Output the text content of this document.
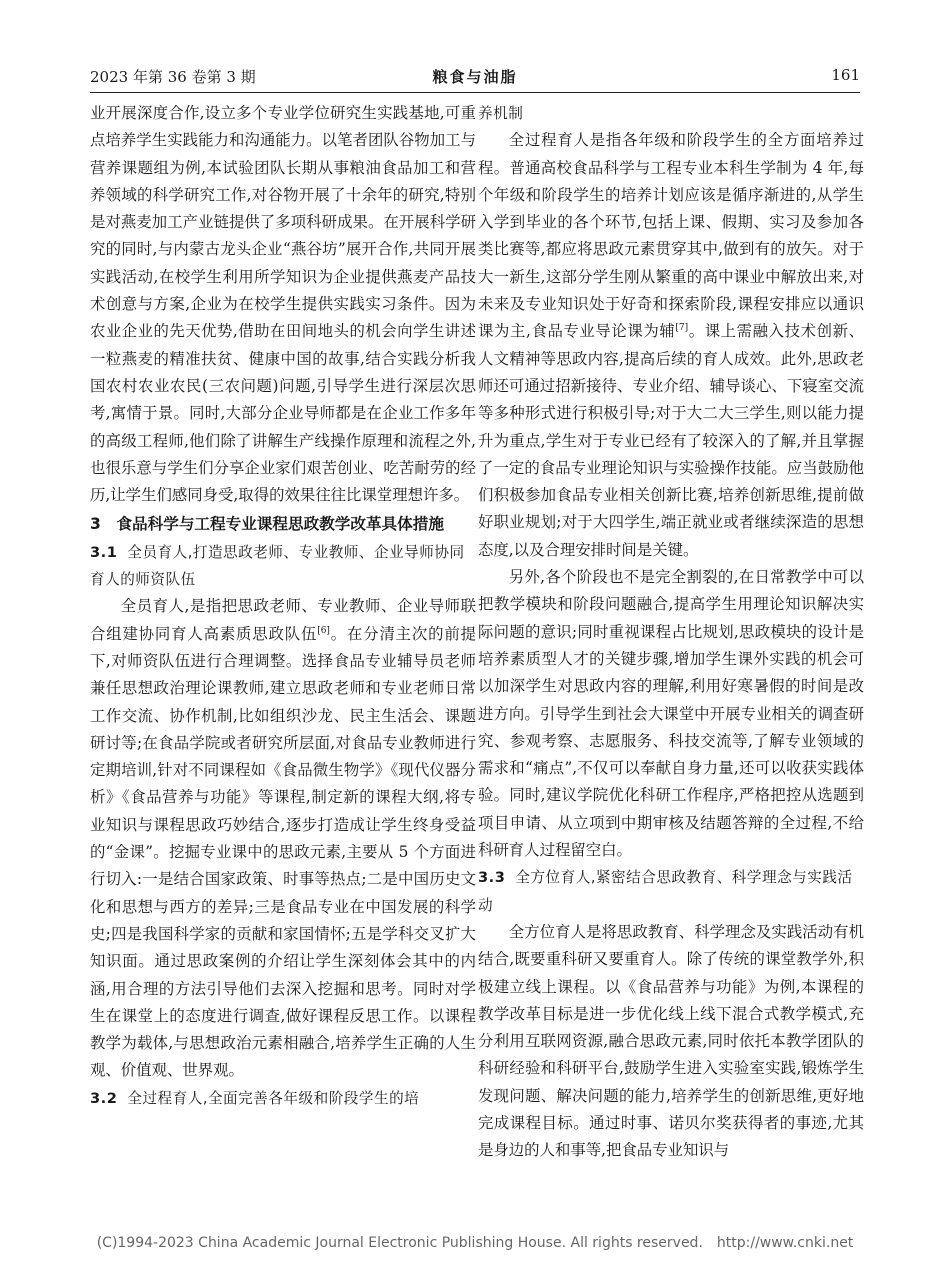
2023 年第 36 卷第 3 期	粮食与油脂	161

业开展深度合作,设立多个专业学位研究生实践基地,可重点培养学生实践能力和沟通能力。以笔者团队谷物加工与营养课题组为例,本试验团队长期从事粮油食品加工和营养领域的科学研究工作,对谷物开展了十余年的研究,特别是对燕麦加工产业链提供了多项科研成果。在开展科学研究的同时,与内蒙古龙头企业“燕谷坊”展开合作,共同开展实践活动,在校学生利用所学知识为企业提供燕麦产品技术创意与方案,企业为在校学生提供实践实习条件。因为农业企业的先天优势,借助在田间地头的机会向学生讲述一粒燕麦的精准扶贫、健康中国的故事,结合实践分析我国农村农业农民(三农问题)问题,引导学生进行深层次思考,寓情于景。同时,大部分企业导师都是在企业工作多年的高级工程师,他们除了讲解生产线操作原理和流程之外,也很乐意与学生们分享企业家们艰苦创业、吃苦耐劳的经历,让学生们感同身受,取得的效果往往比课堂理想许多。

3　食品科学与工程专业课程思政教学改革具体措施
3.1 全员育人,打造思政老师、专业教师、企业导师协同育人的师资队伍

全员育人,是指把思政老师、专业教师、企业导师联合组建协同育人高素质思政队伍[6]。在分清主次的前提下,对师资队伍进行合理调整。选择食品专业辅导员老师兼任思想政治理论课教师,建立思政老师和专业老师日常工作交流、协作机制,比如组织沙龙、民主生活会、课题研讨等;在食品学院或者研究所层面,对食品专业教师进行定期培训,针对不同课程如《食品微生物学》《现代仪器分析》《食品营养与功能》等课程,制定新的课程大纲,将专业知识与课程思政巧妙结合,逐步打造成让学生终身受益的“金课”。挖掘专业课中的思政元素,主要从 5 个方面进行切入:一是结合国家政策、时事等热点;二是中国历史文化和思想与西方的差异;三是食品专业在中国发展的科学史;四是我国科学家的贡献和家国情怀;五是学科交叉扩大知识面。通过思政案例的介绍让学生深刻体会其中的内涵,用合理的方法引导他们去深入挖掘和思考。同时对学生在课堂上的态度进行调查,做好课程反思工作。以课程教学为载体,与思想政治元素相融合,培养学生正确的人生观、价值观、世界观。

3.2 全过程育人,全面完善各年级和阶段学生的培
养机制

全过程育人是指各年级和阶段学生的全方面培养过程。普通高校食品科学与工程专业本科生学制为 4 年,每个年级和阶段学生的培养计划应该是循序渐进的,从学生入学到毕业的各个环节,包括上课、假期、实习及参加各类比赛等,都应将思政元素贯穿其中,做到有的放矢。对于大一新生,这部分学生刚从繁重的高中课业中解放出来,对未来及专业知识处于好奇和探索阶段,课程安排应以通识课为主,食品专业导论课为辅[7]。课上需融入技术创新、人文精神等思政内容,提高后续的育人成效。此外,思政老师还可通过招新接待、专业介绍、辅导谈心、下寝室交流等多种形式进行积极引导;对于大二大三学生,则以能力提升为重点,学生对于专业已经有了较深入的了解,并且掌握了一定的食品专业理论知识与实验操作技能。应当鼓励他们积极参加食品专业相关创新比赛,培养创新思维,提前做好职业规划;对于大四学生,端正就业或者继续深造的思想态度,以及合理安排时间是关键。

另外,各个阶段也不是完全割裂的,在日常教学中可以把教学模块和阶段问题融合,提高学生用理论知识解决实际问题的意识;同时重视课程占比规划,思政模块的设计是培养素质型人才的关键步骤,增加学生课外实践的机会可以加深学生对思政内容的理解,利用好寒暑假的时间是改进方向。引导学生到社会大课堂中开展专业相关的调查研究、参观考察、志愿服务、科技交流等,了解专业领域的需求和“痛点”,不仅可以奉献自身力量,还可以收获实践体验。同时,建议学院优化科研工作程序,严格把控从选题到项目申请、从立项到中期审核及结题答辩的全过程,不给科研育人过程留空白。

3.3 全方位育人,紧密结合思政教育、科学理念与实践活动

全方位育人是将思政教育、科学理念及实践活动有机结合,既要重科研又要重育人。除了传统的课堂教学外,积极建立线上课程。以《食品营养与功能》为例,本课程的教学改革目标是进一步优化线上线下混合式教学模式,充分利用互联网资源,融合思政元素,同时依托本教学团队的科研经验和科研平台,鼓励学生进入实验室实践,锻炼学生发现问题、解决问题的能力,培养学生的创新思维,更好地完成课程目标。通过时事、诺贝尔奖获得者的事迹,尤其是身边的人和事等,把食品专业知识与

(C)1994-2023 China Academic Journal Electronic Publishing House. All rights reserved.　http://www.cnki.net
